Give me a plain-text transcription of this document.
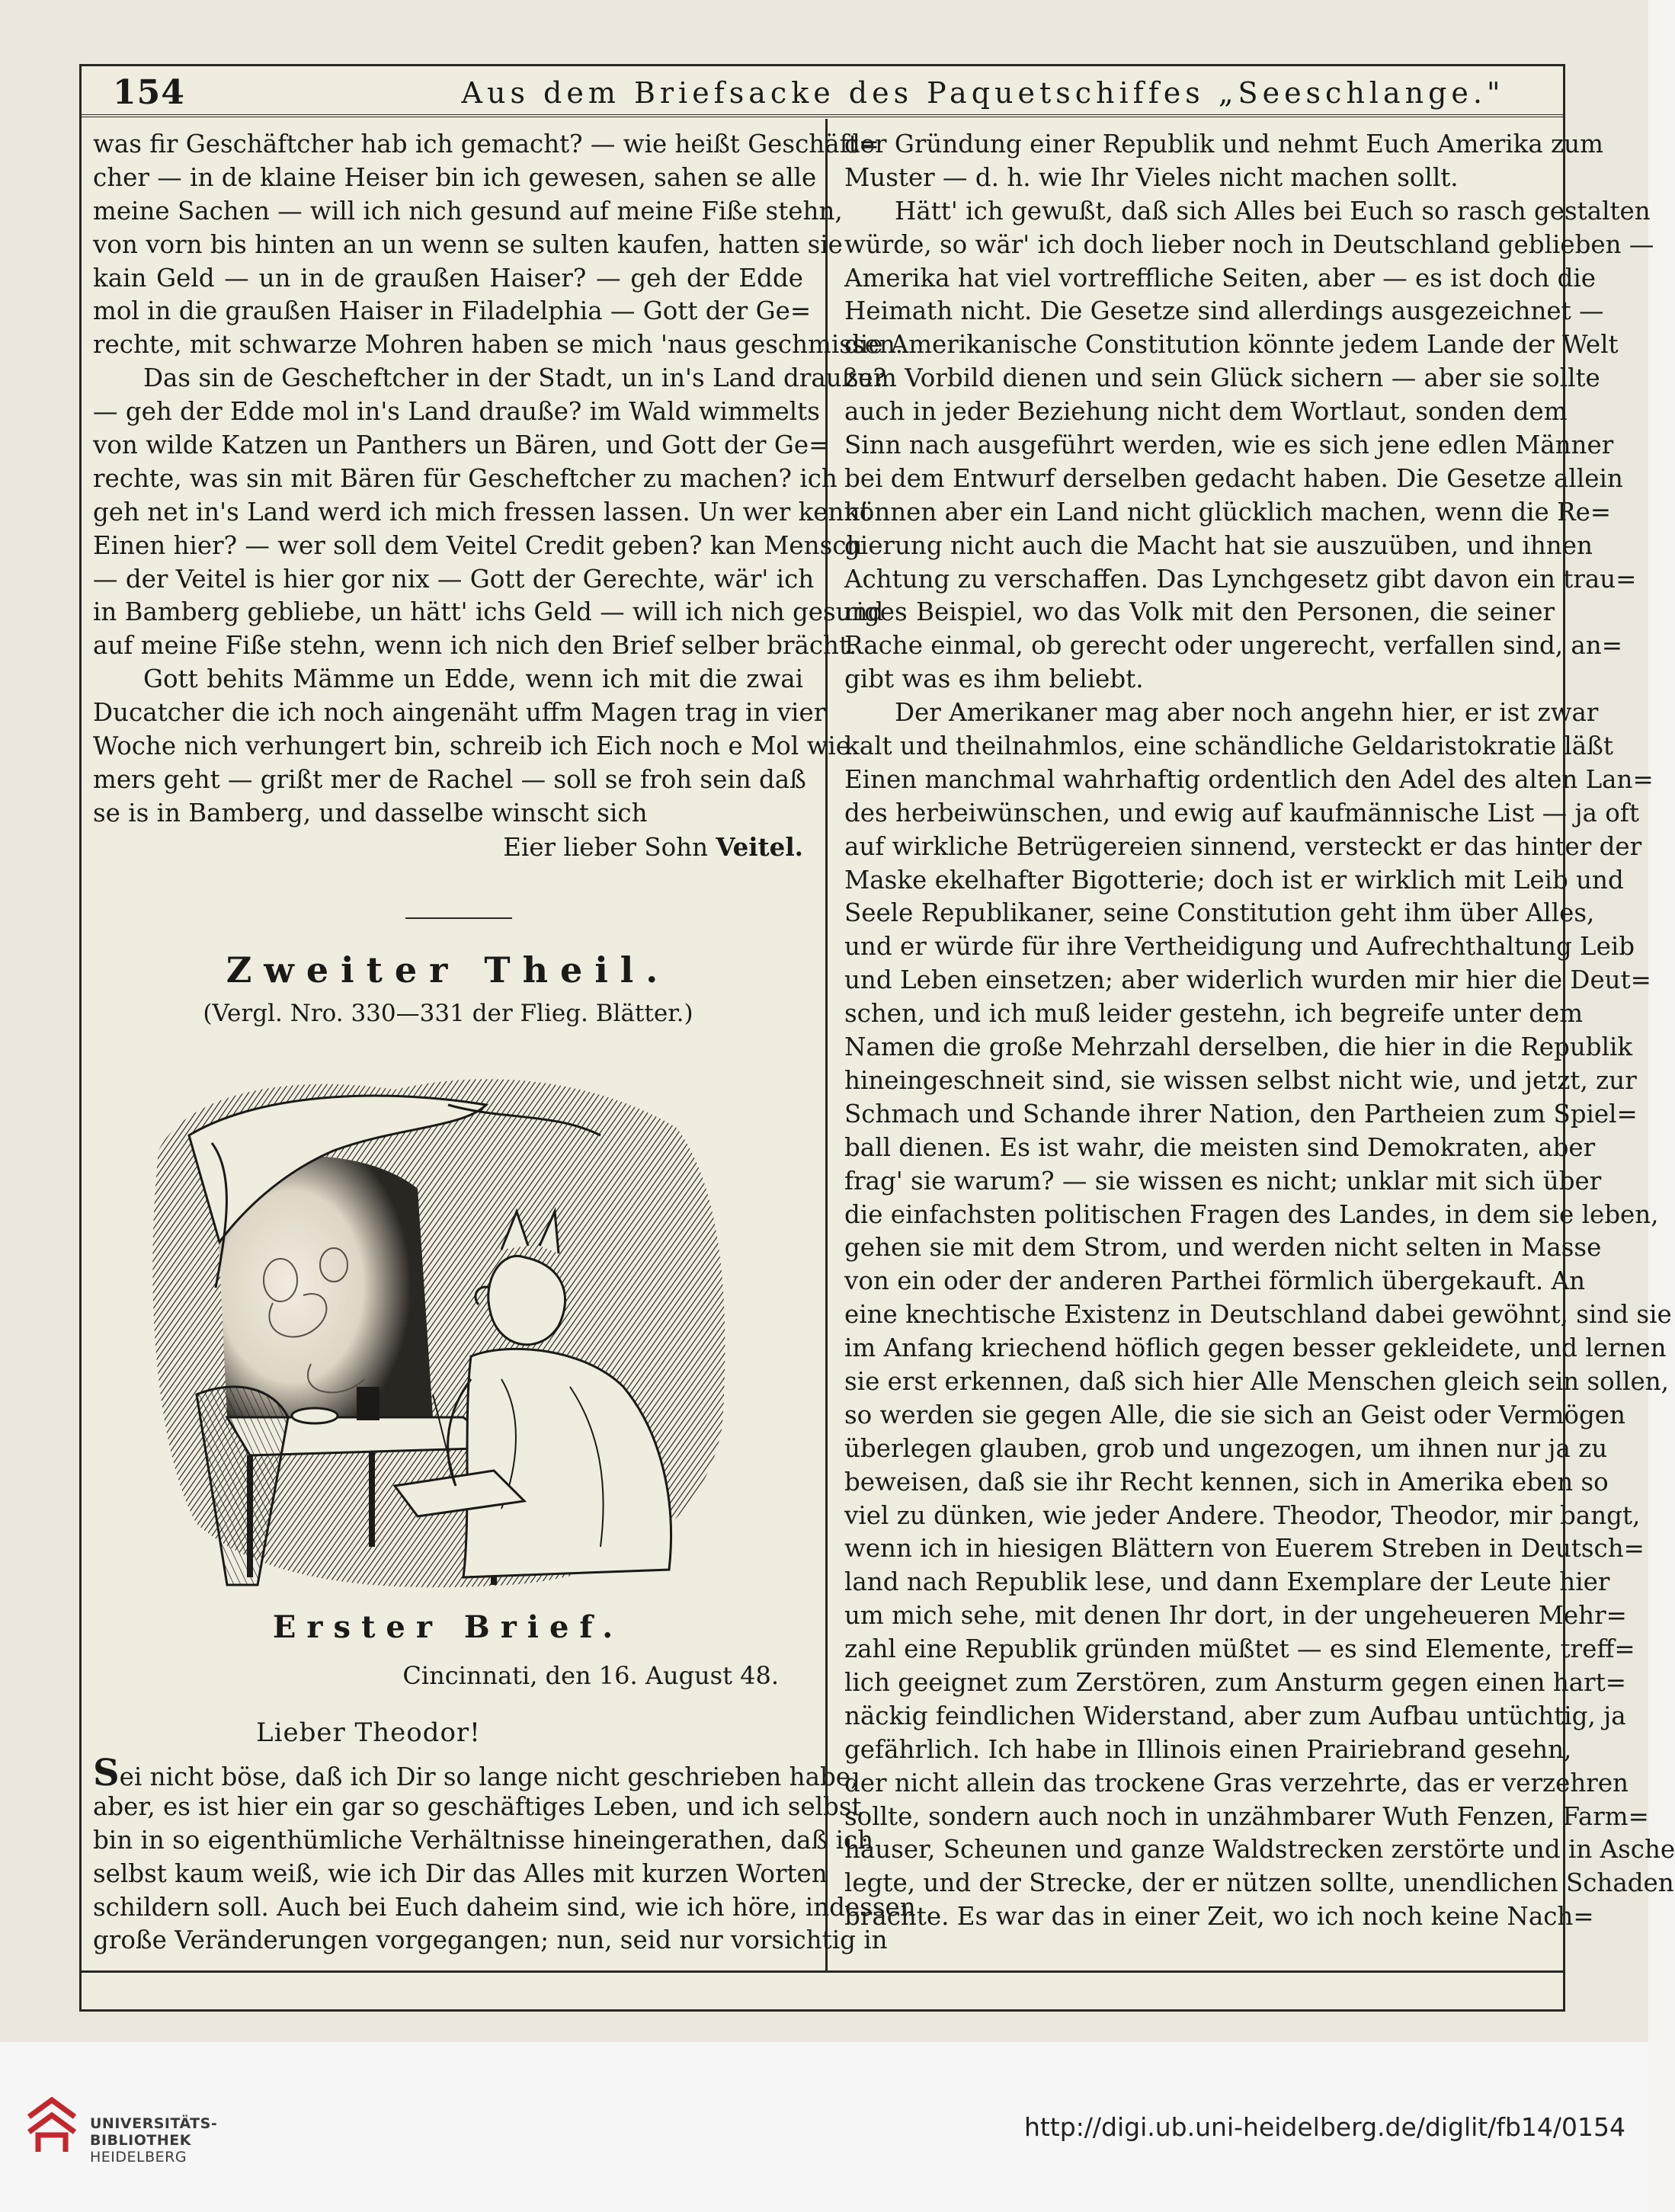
154	Aus dem Briefsacke des Paquetschiffes „Seeschlange."
was fir Geschäftcher hab ich gemacht? — wie heißt Geschäft=
cher — in de klaine Heiser bin ich gewesen, sahen se alle
meine Sachen — will ich nich gesund auf meine Fiße stehn,
von vorn bis hinten an un wenn se sulten kaufen, hatten sie
kain Geld — un in de graußen Haiser? — geh der Edde
mol in die graußen Haiser in Filadelphia — Gott der Ge=
rechte, mit schwarze Mohren haben se mich 'naus geschmissen.
Das sin de Gescheftcher in der Stadt, un in's Land drauße?
— geh der Edde mol in's Land drauße? im Wald wimmelts
von wilde Katzen un Panthers un Bären, und Gott der Ge=
rechte, was sin mit Bären für Gescheftcher zu machen? ich
geh net in's Land werd ich mich fressen lassen. Un wer kennt
Einen hier? — wer soll dem Veitel Credit geben? kan Mensch
— der Veitel is hier gor nix — Gott der Gerechte, wär' ich
in Bamberg gebliebe, un hätt' ichs Geld — will ich nich gesund
auf meine Fiße stehn, wenn ich nich den Brief selber brächt.
Gott behits Mämme un Edde, wenn ich mit die zwai
Ducatcher die ich noch aingenäht uffm Magen trag in vier
Woche nich verhungert bin, schreib ich Eich noch e Mol wie
mers geht — grißt mer de Rachel — soll se froh sein daß
se is in Bamberg, und dasselbe winscht sich
Eier lieber Sohn Veitel.
Zweiter Theil.
(Vergl. Nro. 330—331 der Flieg. Blätter.)
Erster Brief.
Cincinnati, den 16. August 48.
Lieber Theodor!
Sei nicht böse, daß ich Dir so lange nicht geschrieben habe,
aber, es ist hier ein gar so geschäftiges Leben, und ich selbst
bin in so eigenthümliche Verhältnisse hineingerathen, daß ich
selbst kaum weiß, wie ich Dir das Alles mit kurzen Worten
schildern soll. Auch bei Euch daheim sind, wie ich höre, indessen
große Veränderungen vorgegangen; nun, seid nur vorsichtig in
der Gründung einer Republik und nehmt Euch Amerika zum
Muster — d. h. wie Ihr Vieles nicht machen sollt.
Hätt' ich gewußt, daß sich Alles bei Euch so rasch gestalten
würde, so wär' ich doch lieber noch in Deutschland geblieben —
Amerika hat viel vortreffliche Seiten, aber — es ist doch die
Heimath nicht. Die Gesetze sind allerdings ausgezeichnet —
die Amerikanische Constitution könnte jedem Lande der Welt
zum Vorbild dienen und sein Glück sichern — aber sie sollte
auch in jeder Beziehung nicht dem Wortlaut, sonden dem
Sinn nach ausgeführt werden, wie es sich jene edlen Männer
bei dem Entwurf derselben gedacht haben. Die Gesetze allein
können aber ein Land nicht glücklich machen, wenn die Re=
gierung nicht auch die Macht hat sie auszuüben, und ihnen
Achtung zu verschaffen. Das Lynchgesetz gibt davon ein trau=
riges Beispiel, wo das Volk mit den Personen, die seiner
Rache einmal, ob gerecht oder ungerecht, verfallen sind, an=
gibt was es ihm beliebt.
Der Amerikaner mag aber noch angehn hier, er ist zwar
kalt und theilnahmlos, eine schändliche Geldaristokratie läßt
Einen manchmal wahrhaftig ordentlich den Adel des alten Lan=
des herbeiwünschen, und ewig auf kaufmännische List — ja oft
auf wirkliche Betrügereien sinnend, versteckt er das hinter der
Maske ekelhafter Bigotterie; doch ist er wirklich mit Leib und
Seele Republikaner, seine Constitution geht ihm über Alles,
und er würde für ihre Vertheidigung und Aufrechthaltung Leib
und Leben einsetzen; aber widerlich wurden mir hier die Deut=
schen, und ich muß leider gestehn, ich begreife unter dem
Namen die große Mehrzahl derselben, die hier in die Republik
hineingeschneit sind, sie wissen selbst nicht wie, und jetzt, zur
Schmach und Schande ihrer Nation, den Partheien zum Spiel=
ball dienen. Es ist wahr, die meisten sind Demokraten, aber
frag' sie warum? — sie wissen es nicht; unklar mit sich über
die einfachsten politischen Fragen des Landes, in dem sie leben,
gehen sie mit dem Strom, und werden nicht selten in Masse
von ein oder der anderen Parthei förmlich übergekauft. An
eine knechtische Existenz in Deutschland dabei gewöhnt, sind sie
im Anfang kriechend höflich gegen besser gekleidete, und lernen
sie erst erkennen, daß sich hier Alle Menschen gleich sein sollen,
so werden sie gegen Alle, die sie sich an Geist oder Vermögen
überlegen glauben, grob und ungezogen, um ihnen nur ja zu
beweisen, daß sie ihr Recht kennen, sich in Amerika eben so
viel zu dünken, wie jeder Andere. Theodor, Theodor, mir bangt,
wenn ich in hiesigen Blättern von Euerem Streben in Deutsch=
land nach Republik lese, und dann Exemplare der Leute hier
um mich sehe, mit denen Ihr dort, in der ungeheueren Mehr=
zahl eine Republik gründen müßtet — es sind Elemente, treff=
lich geeignet zum Zerstören, zum Ansturm gegen einen hart=
näckig feindlichen Widerstand, aber zum Aufbau untüchtig, ja
gefährlich. Ich habe in Illinois einen Prairiebrand gesehn,
der nicht allein das trockene Gras verzehrte, das er verzehren
sollte, sondern auch noch in unzähmbarer Wuth Fenzen, Farm=
häuser, Scheunen und ganze Waldstrecken zerstörte und in Asche
legte, und der Strecke, der er nützen sollte, unendlichen Schaden
brachte. Es war das in einer Zeit, wo ich noch keine Nach=
UNIVERSITÄTS-
BIBLIOTHEK
HEIDELBERG
http://digi.ub.uni-heidelberg.de/diglit/fb14/0154
